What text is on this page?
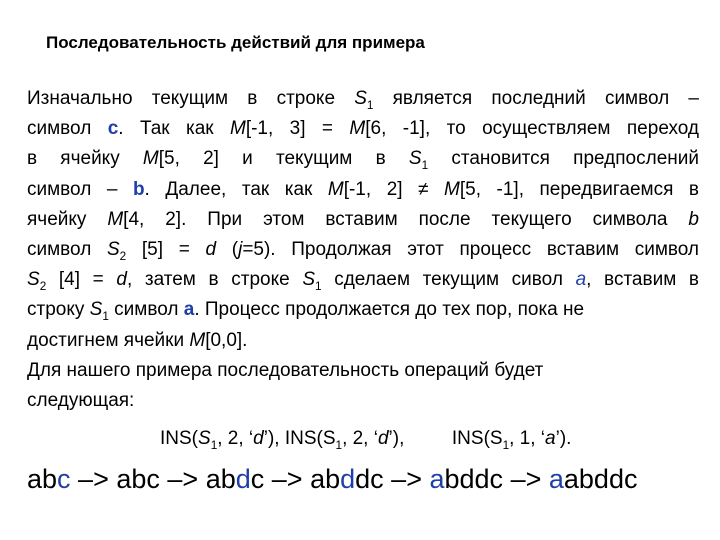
Последовательность действий для примера
Изначально текущим в строке $S_1$ является последний символ –
символ c. Так как M[-1, 3] = M[6, -1], то осуществляем переход
в ячейку M[5, 2] и текущим в $S_1$ становится предпослений
символ – b. Далее, так как M[-1, 2] ≠ M[5, -1], передвигаемся в
ячейку M[4, 2]. При этом вставим после текущего символа b
символ $S_2$ [5] = d (j=5). Продолжая этот процесс вставим символ
$S_2$ [4] = d, затем в строке $S_1$ сделаем текущим сивол a, вставим в
строку $S_1$ символ a. Процесс продолжается до тех пор, пока не
достигнем ячейки M[0,0].
Для нашего примера последовательность операций будет
следующая:
$INS(S_1$, 2, ‘d’), $INS(S_1$, 2, ‘d’),	$INS(S_1$, 1, ‘a’).
abc –> abc –> abdc –> abddc –> abddc –> aabddc
